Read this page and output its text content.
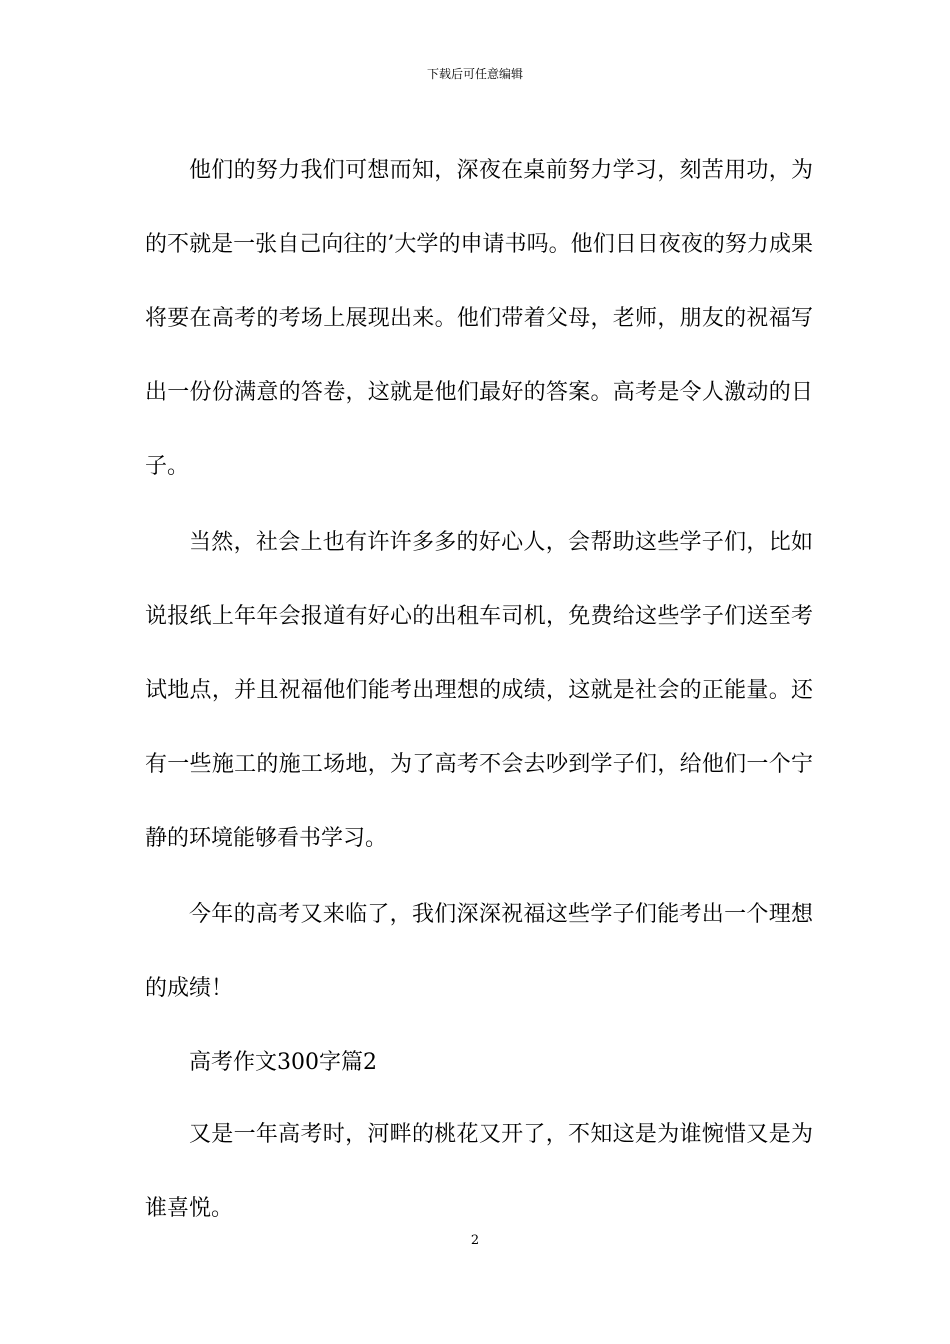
下载后可任意编辑

他们的努力我们可想而知，深夜在桌前努力学习，刻苦用功，为的不就是一张自己向往的’大学的申请书吗。他们日日夜夜的努力成果将要在高考的考场上展现出来。他们带着父母，老师，朋友的祝福写出一份份满意的答卷，这就是他们最好的答案。高考是令人激动的日子。

当然，社会上也有许许多多的好心人，会帮助这些学子们，比如说报纸上年年会报道有好心的出租车司机，免费给这些学子们送至考试地点，并且祝福他们能考出理想的成绩，这就是社会的正能量。还有一些施工的施工场地，为了高考不会去吵到学子们，给他们一个宁静的环境能够看书学习。

今年的高考又来临了，我们深深祝福这些学子们能考出一个理想的成绩！

高考作文300字篇2

又是一年高考时，河畔的桃花又开了，不知这是为谁惋惜又是为谁喜悦。

2
